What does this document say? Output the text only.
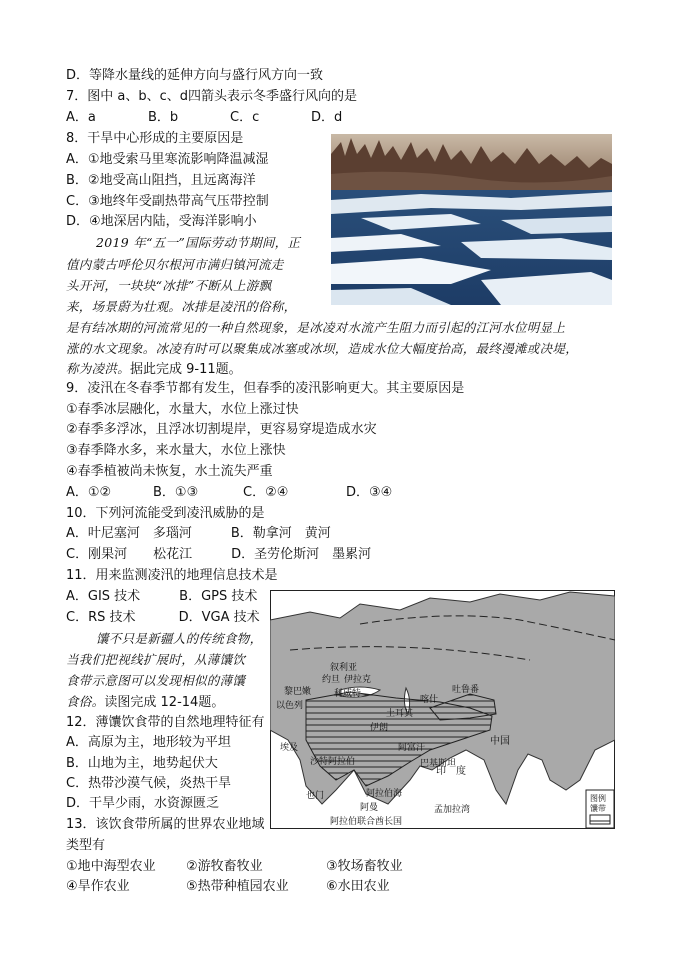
D．等降水量线的延伸方向与盛行风方向一致
7．图中 a、b、c、d四箭头表示冬季盛行风向的是
A．a	B．b	C．c	D．d
8．干旱中心形成的主要原因是
A．①地受索马里寒流影响降温减湿
B．②地受高山阻挡，且远离海洋
C．③地终年受副热带高气压带控制
D．④地深居内陆，受海洋影响小
2019 年“五一”国际劳动节期间，正
值内蒙古呼伦贝尔根河市满归镇河流走
头开河，一块块“冰排”不断从上游飘
来，场景蔚为壮观。冰排是凌汛的俗称，
是有结冰期的河流常见的一种自然现象，是冰凌对水流产生阻力而引起的江河水位明显上
涨的水文现象。冰凌有时可以聚集成冰塞或冰坝，造成水位大幅度抬高，最终漫滩或决堤，
称为凌洪。据此完成 9-11题。
9．凌汛在冬春季节都有发生，但春季的凌汛影响更大。其主要原因是
①春季冰层融化，水量大，水位上涨过快
②春季多浮冰，且浮冰切割堤岸，更容易穿堤造成水灾
③春季降水多，来水量大，水位上涨快
④春季植被尚未恢复，水土流失严重
A．①②	B．①③	C．②④	D．③④
10．下列河流能受到凌汛威胁的是
A．叶尼塞河　多瑙河　　　B．勒拿河　黄河
C．刚果河　　松花江　　　D．圣劳伦斯河　墨累河
11．用来监测凌汛的地理信息技术是
A．GIS 技术　　　B．GPS 技术
C．RS 技术　　　 D．VGA 技术
馕不只是新疆人的传统食物，
当我们把视线扩展时，从薄馕饮
食带示意图可以发现相似的薄馕
食俗。读图完成 12-14题。
12．薄馕饮食带的自然地理特征有
A．高原为主，地形较为平坦
B．山地为主，地势起伏大
C．热带沙漠气候，炎热干旱
D．干旱少雨，水资源匮乏
13．该饮食带所属的世界农业地域
类型有
①地中海型农业 ②游牧畜牧业	③牧场畜牧业
④旱作农业	⑤热带种植园农业	⑥水田农业
叙利亚
约旦 伊拉克
黎巴嫩
以色列
科威特	吐鲁番
喀什
土耳其
伊朗
阿富汗
巴基斯坦
埃及
沙特阿拉伯
也门	阿拉伯海
阿曼
阿拉伯联合酋长国
中国
印　度
孟加拉湾
图例
馕带
